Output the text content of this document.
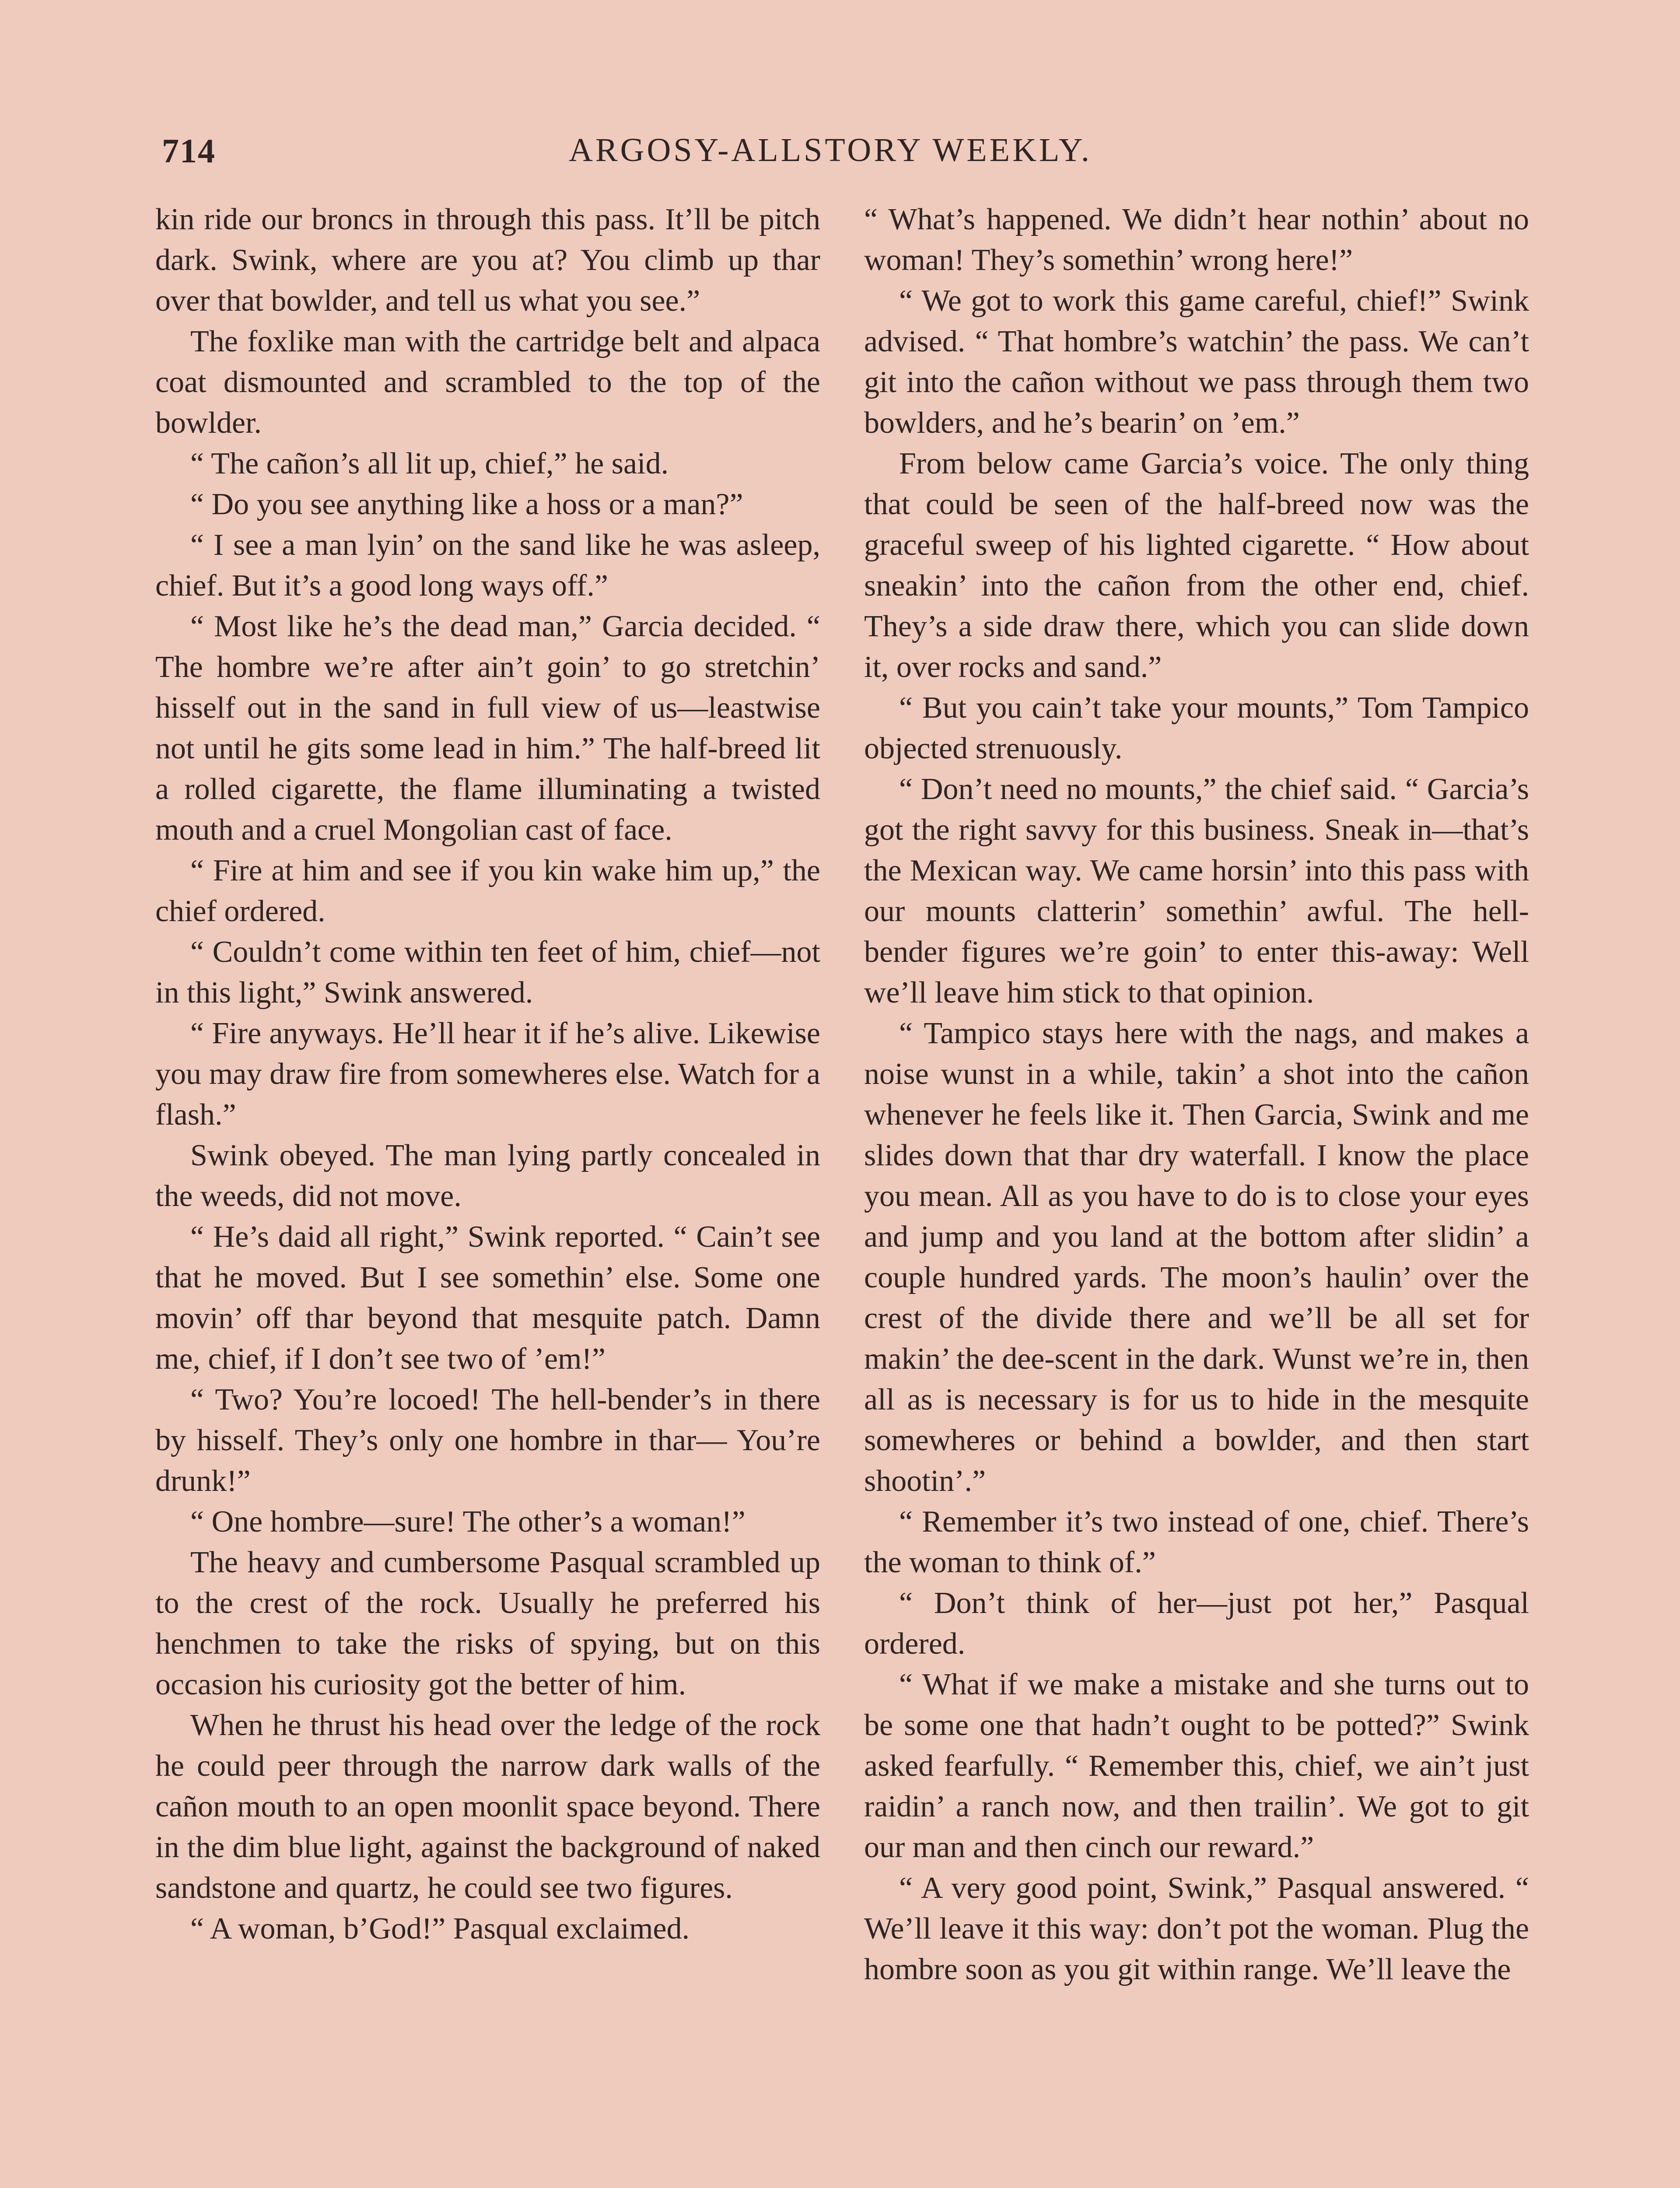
714	ARGOSY-ALLSTORY WEEKLY.

kin ride our broncs in through this pass. It’ll be pitch dark. Swink, where are you at? You climb up thar over that bowlder, and tell us what you see.”

The foxlike man with the cartridge belt and alpaca coat dismounted and scrambled to the top of the bowlder.

“ The cañon’s all lit up, chief,” he said.

“ Do you see anything like a hoss or a man?”

“ I see a man lyin’ on the sand like he was asleep, chief. But it’s a good long ways off.”

“ Most like he’s the dead man,” Garcia decided. “ The hombre we’re after ain’t goin’ to go stretchin’ hisself out in the sand in full view of us—leastwise not until he gits some lead in him.” The half-breed lit a rolled cigarette, the flame illuminating a twisted mouth and a cruel Mongolian cast of face.

“ Fire at him and see if you kin wake him up,” the chief ordered.

“ Couldn’t come within ten feet of him, chief—not in this light,” Swink answered.

“ Fire anyways. He’ll hear it if he’s alive. Likewise you may draw fire from somewheres else. Watch for a flash.”

Swink obeyed. The man lying partly concealed in the weeds, did not move.

“ He’s daid all right,” Swink reported. “ Cain’t see that he moved. But I see somethin’ else. Some one movin’ off thar beyond that mesquite patch. Damn me, chief, if I don’t see two of ’em!”

“ Two? You’re locoed! The hell-bender’s in there by hisself. They’s only one hombre in thar— You’re drunk!”

“ One hombre—sure! The other’s a woman!”

The heavy and cumbersome Pasqual scrambled up to the crest of the rock. Usually he preferred his henchmen to take the risks of spying, but on this occasion his curiosity got the better of him.

When he thrust his head over the ledge of the rock he could peer through the narrow dark walls of the cañon mouth to an open moonlit space beyond. There in the dim blue light, against the background of naked sandstone and quartz, he could see two figures.

“ A woman, b’God!” Pasqual exclaimed.

“ What’s happened. We didn’t hear nothin’ about no woman! They’s somethin’ wrong here!”

“ We got to work this game careful, chief!” Swink advised. “ That hombre’s watchin’ the pass. We can’t git into the cañon without we pass through them two bowlders, and he’s bearin’ on ’em.”

From below came Garcia’s voice. The only thing that could be seen of the half-breed now was the graceful sweep of his lighted cigarette. “ How about sneakin’ into the cañon from the other end, chief. They’s a side draw there, which you can slide down it, over rocks and sand.”

“ But you cain’t take your mounts,” Tom Tampico objected strenuously.

“ Don’t need no mounts,” the chief said. “ Garcia’s got the right savvy for this business. Sneak in—that’s the Mexican way. We came horsin’ into this pass with our mounts clatterin’ somethin’ awful. The hell-bender figures we’re goin’ to enter this-away: Well we’ll leave him stick to that opinion.

“ Tampico stays here with the nags, and makes a noise wunst in a while, takin’ a shot into the cañon whenever he feels like it. Then Garcia, Swink and me slides down that thar dry waterfall. I know the place you mean. All as you have to do is to close your eyes and jump and you land at the bottom after slidin’ a couple hundred yards. The moon’s haulin’ over the crest of the divide there and we’ll be all set for makin’ the dee-scent in the dark. Wunst we’re in, then all as is necessary is for us to hide in the mesquite somewheres or behind a bowlder, and then start shootin’.”

“ Remember it’s two instead of one, chief. There’s the woman to think of.”

“ Don’t think of her—just pot her,” Pasqual ordered.

“ What if we make a mistake and she turns out to be some one that hadn’t ought to be potted?” Swink asked fearfully. “ Remember this, chief, we ain’t just raidin’ a ranch now, and then trailin’. We got to git our man and then cinch our reward.”

“ A very good point, Swink,” Pasqual answered. “ We’ll leave it this way: don’t pot the woman. Plug the hombre soon as you git within range. We’ll leave the
